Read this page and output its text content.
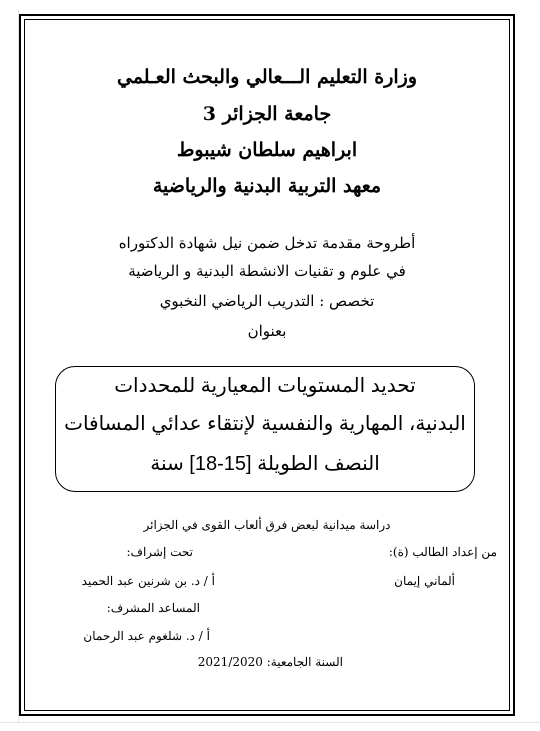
وزارة التعليم الـــعالي والبحث العـلمي
جامعة الجزائر 3
ابراهيم سلطان شيبوط
معهد التربية البدنية والرياضية
أطروحة مقدمة تدخل ضمن نيل شهادة الدكتوراه
في علوم و تقنيات الانشطة البدنية و الرياضية
تخصص : التدريب الرياضي النخبوي
بعنوان
تحديد المستويات المعيارية للمحددات
البدنية، المهارية والنفسية لإنتقاء عدائي المسافات
النصف الطويلة [15-18] سنة
دراسة ميدانية لبعض فرق ألعاب القوى في الجزائر
من إعداد الطالب (ة):
تحت إشراف:
ألماني إيمان
أ / د. بن شرنين عبد الحميد
المساعد المشرف:
أ / د. شلغوم عبد الرحمان
السنة الجامعية: 2021/2020
